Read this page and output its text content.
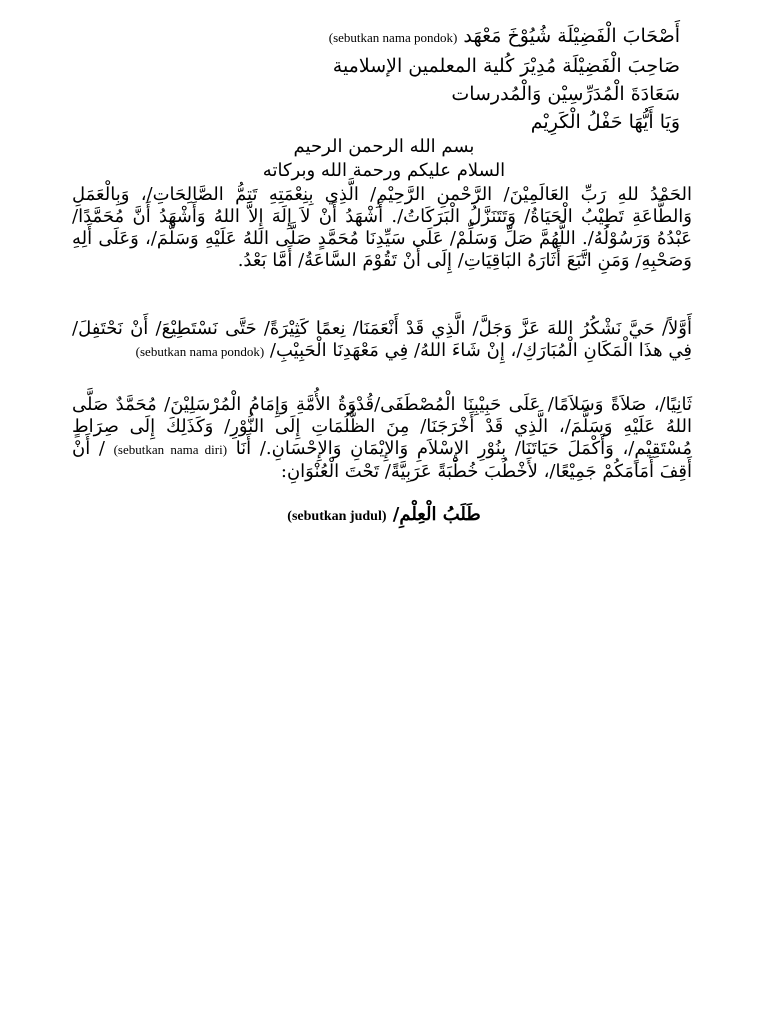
أَصْحَابَ الْفَضِيْلَة شُيُوْخَ مَعْهَد (sebutkan nama pondok)
صَاحِبَ الْفَضِيْلَة مُدِيْرَ كُلية المعلمين الإسلامية
سَعَادَةَ الْمُدَرِّسِيْن وَالْمُدرسات
وَيَا أَيُّهَا حَفْلُ الْكَرِيْم
بسم الله الرحمن الرحيم
السلام عليكم ورحمة الله وبركاته
الحَمْدُ للهِ رَبِّ العَالَمِيْنَ/ الرَّحْمنِ الرَّحِيْمِ/ الَّذِي بِنِعْمَتِهِ تَتِمُّ الصَّالِحَاتِ/، وَبِالْعَمَلِ وَالطَّاعَةِ تَطِيْبُ الْحَيَاةُ/ وَتَتَنَزَّلُ الْبَرَكَاتُ/. أَشْهَدُ أَنْ لاَ إِلَهَ إِلاَّ اللهُ وَأَشْهَدُ أَنَّ مُحَمَّدًا/ عَبْدُهُ وَرَسُوْلُهُ/. اللَّهُمَّ صَلِّ وَسَلِّمْ/ عَلَى سَيِّدِنَا مُحَمَّدٍ صَلَّى اللهُ عَلَيْهِ وَسَلَّمَ/، وَعَلَى أَلِهِ وَصَحْبِهِ/ وَمَنِ اتَّبَعَ أَثَارَهُ البَاقِيَاتِ/ إِلَى أَنْ تَقُوْمَ السَّاعَةُ/ أَمَّا بَعْدُ.
أَوَّلاً/ حَيَّ نَشْكُرُ اللهَ عَزَّ وَجَلَّ/ الَّذِي قَدْ أَنْعَمَنَا/ نِعمًا كَثِيْرَةً/ حَتَّى نَسْتَطِيْعَ/ أَنْ نَحْتَفِلَ/ فِي هذَا الْمَكَانِ الْمُبَارَكِ/، إِنْ شَاءَ اللهُ/ فِي مَعْهَدِنَا الْحَبِيْبِ/ (sebutkan nama pondok)
ثَانِيًا/، صَلاَةً وَسَلاَمًا/ عَلَى حَبِيْبِنَا الْمُصْطَفَى/قُدْوَةُ الأُمَّةِ وَإِمَامُ الْمُرْسَلِيْنَ/ مُحَمَّدٌ صَلَّى اللهُ عَلَيْهِ وَسَلَّمَ/، الَّذِي قَدْ أَخْرَجَنَا/ مِنَ الظُّلُمَاتِ إِلَى النُّوْرِ/ وَكَذَلِكَ إِلَى صِرَاطٍ مُسْتَقِيْمٍ/، وَأَكْمَلَ حَيَاتَنَا/ بِنُوْرِ الإِسْلاَمِ وَالإِيْمَانِ وَالإِحْسَانِ./ أَنَا (sebutkan nama diri) / أَنْ أَقِفَ أَمَامَكُمْ جَمِيْعًا/، لأَخْطُبَ خُطْبَةً عَرَبِيَّةً/ تَحْتَ الْعُنْوَانِ:
طَلَبُ الْعِلْمِ/ (sebutkan judul)
